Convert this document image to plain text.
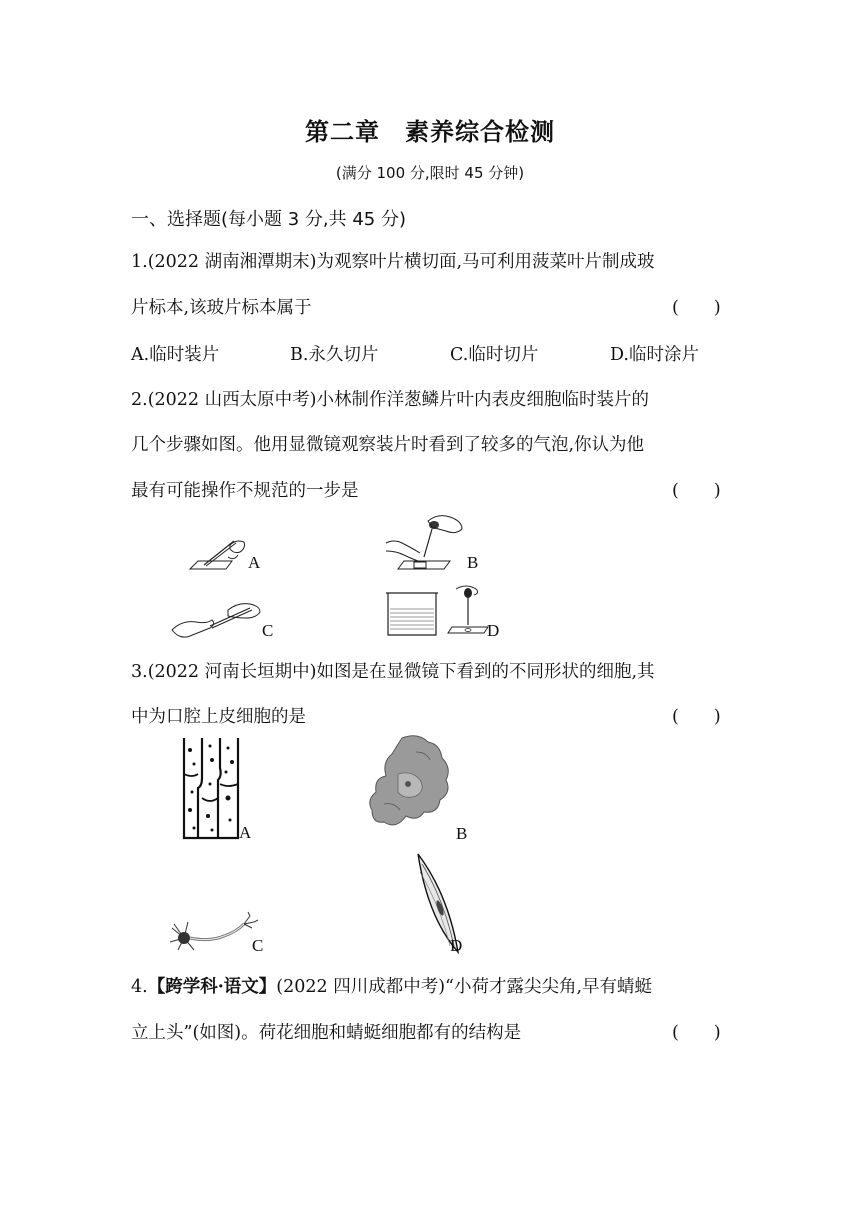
第二章　素养综合检测
(满分 100 分,限时 45 分钟)
一、选择题(每小题 3 分,共 45 分)
1.(2022 湖南湘潭期末)为观察叶片横切面,马可利用菠菜叶片制成玻
片标本,该玻片标本属于	(　　)
A.临时装片	B.永久切片	C.临时切片	D.临时涂片
2.(2022 山西太原中考)小林制作洋葱鳞片叶内表皮细胞临时装片的
几个步骤如图。他用显微镜观察装片时看到了较多的气泡,你认为他
最有可能操作不规范的一步是	(　　)
A	B
C	D
3.(2022 河南长垣期中)如图是在显微镜下看到的不同形状的细胞,其
中为口腔上皮细胞的是	(　　)
A	B
C	D
4.【跨学科·语文】(2022 四川成都中考)“小荷才露尖尖角,早有蜻蜓
立上头”(如图)。荷花细胞和蜻蜓细胞都有的结构是	(　　)
